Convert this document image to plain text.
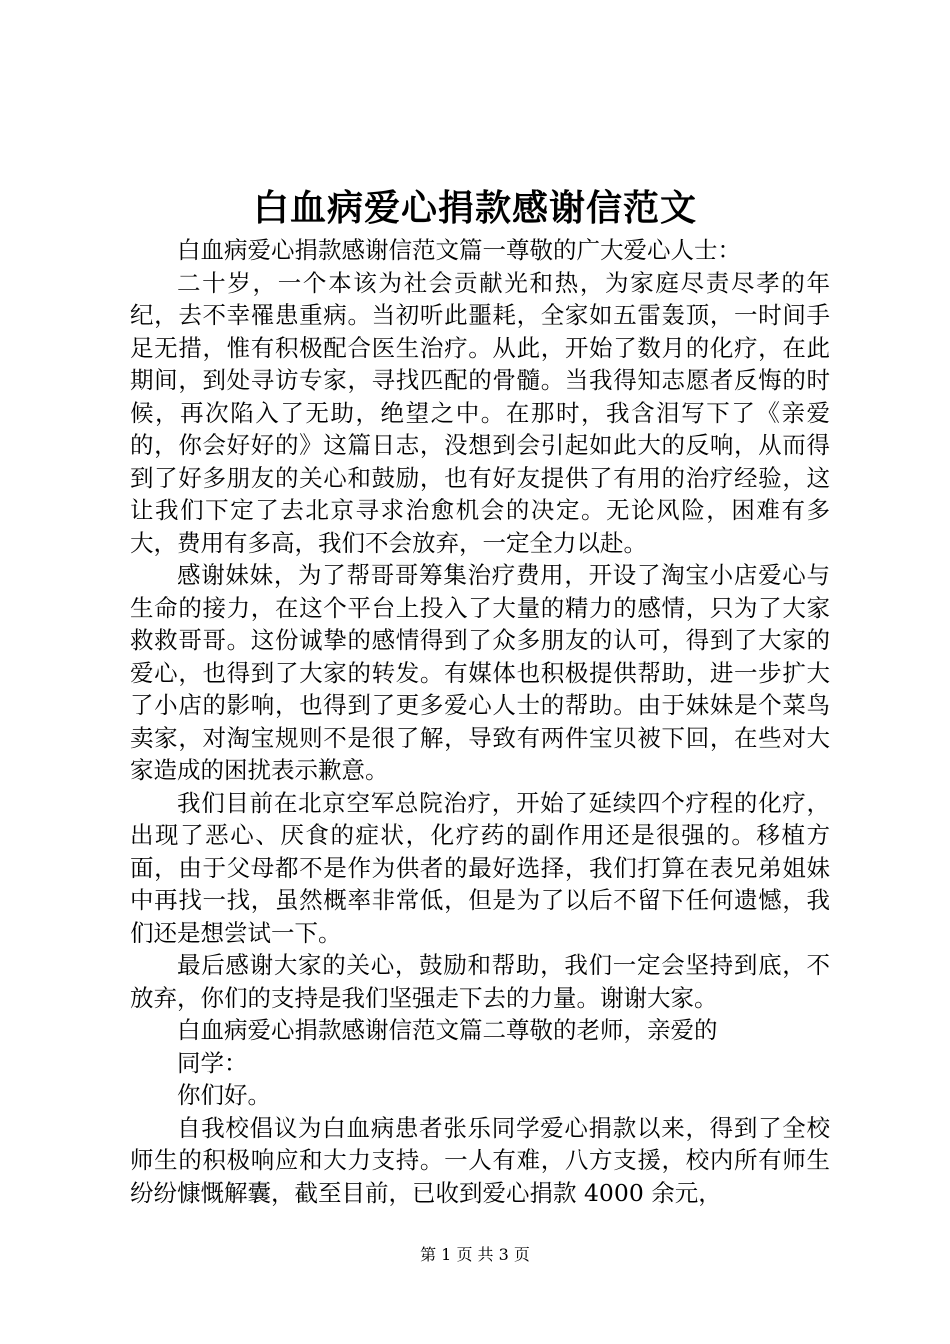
白血病爱心捐款感谢信范文

白血病爱心捐款感谢信范文篇一尊敬的广大爱心人士：

二十岁，一个本该为社会贡献光和热，为家庭尽责尽孝的年纪，去不幸罹患重病。当初听此噩耗，全家如五雷轰顶，一时间手足无措，惟有积极配合医生治疗。从此，开始了数月的化疗，在此期间，到处寻访专家，寻找匹配的骨髓。当我得知志愿者反悔的时候，再次陷入了无助，绝望之中。在那时，我含泪写下了《亲爱的，你会好好的》这篇日志，没想到会引起如此大的反响，从而得到了好多朋友的关心和鼓励，也有好友提供了有用的治疗经验，这让我们下定了去北京寻求治愈机会的决定。无论风险，困难有多大，费用有多高，我们不会放弃，一定全力以赴。

感谢妹妹，为了帮哥哥筹集治疗费用，开设了淘宝小店爱心与生命的接力，在这个平台上投入了大量的精力的感情，只为了大家救救哥哥。这份诚挚的感情得到了众多朋友的认可，得到了大家的爱心，也得到了大家的转发。有媒体也积极提供帮助，进一步扩大了小店的影响，也得到了更多爱心人士的帮助。由于妹妹是个菜鸟卖家，对淘宝规则不是很了解，导致有两件宝贝被下回，在些对大家造成的困扰表示歉意。

我们目前在北京空军总院治疗，开始了延续四个疗程的化疗，出现了恶心、厌食的症状，化疗药的副作用还是很强的。移植方面，由于父母都不是作为供者的最好选择，我们打算在表兄弟姐妹中再找一找，虽然概率非常低，但是为了以后不留下任何遗憾，我们还是想尝试一下。

最后感谢大家的关心，鼓励和帮助，我们一定会坚持到底，不放弃，你们的支持是我们坚强走下去的力量。谢谢大家。

白血病爱心捐款感谢信范文篇二尊敬的老师，亲爱的

同学：

你们好。

自我校倡议为白血病患者张乐同学爱心捐款以来，得到了全校师生的积极响应和大力支持。一人有难，八方支援，校内所有师生纷纷慷慨解囊，截至目前，已收到爱心捐款 4000 余元，

第 1 页 共 3 页
